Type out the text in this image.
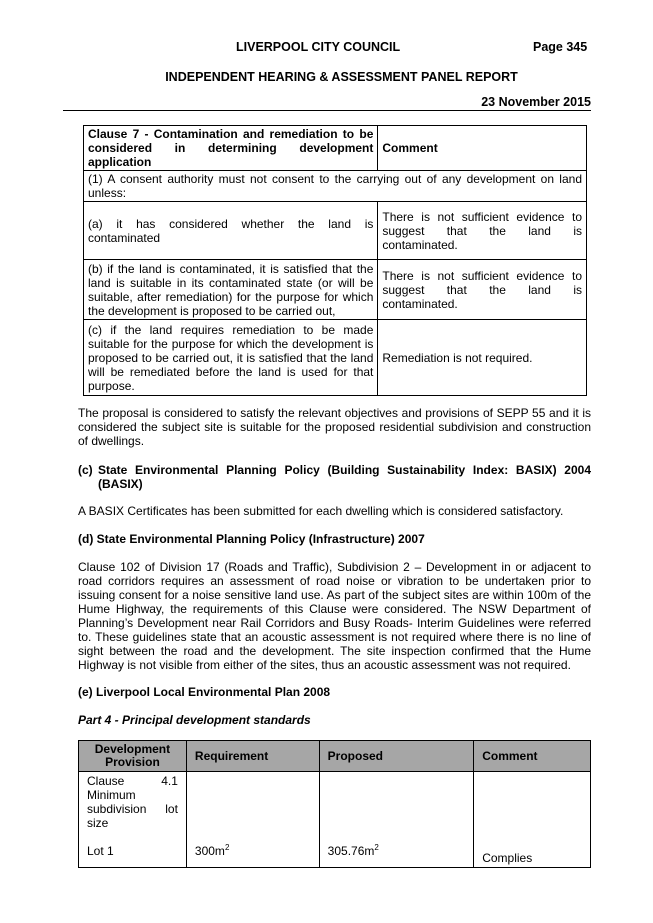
LIVERPOOL CITY COUNCIL	Page 345
INDEPENDENT HEARING & ASSESSMENT PANEL REPORT
23 November 2015
Clause 7 - Contamination and remediation to be considered in determining development application	Comment
(1) A consent authority must not consent to the carrying out of any development on land unless:	
(a) it has considered whether the land is contaminated	There is not sufficient evidence to suggest that the land is contaminated.
(b) if the land is contaminated, it is satisfied that the land is suitable in its contaminated state (or will be suitable, after remediation) for the purpose for which the development is proposed to be carried out,	There is not sufficient evidence to suggest that the land is contaminated.
(c) if the land requires remediation to be made suitable for the purpose for which the development is proposed to be carried out, it is satisfied that the land will be remediated before the land is used for that purpose.	Remediation is not required.
The proposal is considered to satisfy the relevant objectives and provisions of SEPP 55 and it is considered the subject site is suitable for the proposed residential subdivision and construction of dwellings.
(c) State Environmental Planning Policy (Building Sustainability Index: BASIX) 2004 (BASIX)
A BASIX Certificates has been submitted for each dwelling which is considered satisfactory.
(d) State Environmental Planning Policy (Infrastructure) 2007
Clause 102 of Division 17 (Roads and Traffic), Subdivision 2 – Development in or adjacent to road corridors requires an assessment of road noise or vibration to be undertaken prior to issuing consent for a noise sensitive land use. As part of the subject sites are within 100m of the Hume Highway, the requirements of this Clause were considered. The NSW Department of Planning’s Development near Rail Corridors and Busy Roads- Interim Guidelines were referred to. These guidelines state that an acoustic assessment is not required where there is no line of sight between the road and the development. The site inspection confirmed that the Hume Highway is not visible from either of the sites, thus an acoustic assessment was not required.
(e) Liverpool Local Environmental Plan 2008
Part 4 - Principal development standards
Development Provision	Requirement	Proposed	Comment

Clause 4.1 Minimum subdivision lot size
Lot 1	$300m^2$	$305.76m^2$	Complies
